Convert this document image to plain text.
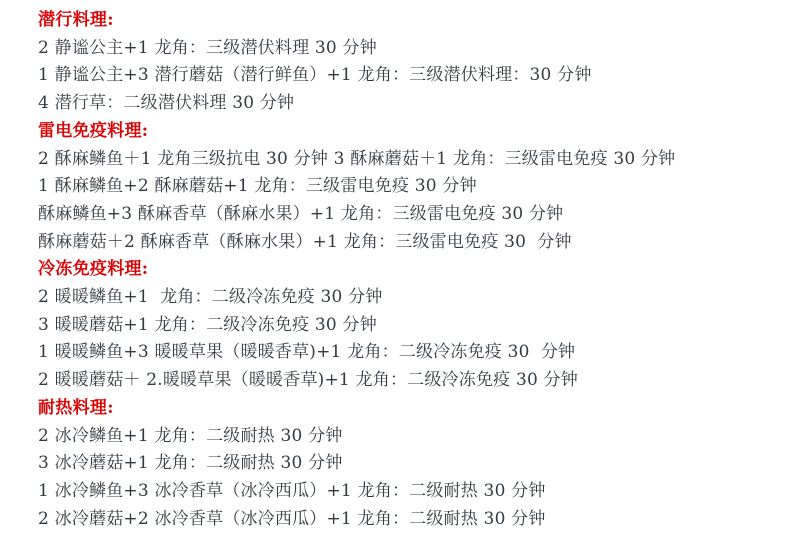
潜行料理:

2 静谧公主+1 龙角：三级潜伏料理 30 分钟

1 静谧公主+3 潜行蘑菇（潜行鲜鱼）+1 龙角：三级潜伏料理：30 分钟

4 潜行草：二级潜伏料理 30 分钟

雷电免疫料理:

2 酥麻鳞鱼＋1 龙角三级抗电 30 分钟 3 酥麻蘑菇＋1 龙角：三级雷电免疫 30 分钟

1 酥麻鳞鱼+2 酥麻蘑菇+1 龙角：三级雷电免疫 30 分钟

酥麻鳞鱼+3 酥麻香草（酥麻水果）+1 龙角：三级雷电免疫 30 分钟

酥麻蘑菇＋2 酥麻香草（酥麻水果）+1 龙角：三级雷电免疫 30  分钟

冷冻免疫料理:

2 暖暖鳞鱼+1  龙角：二级冷冻免疫 30 分钟

3 暖暖蘑菇+1 龙角：二级冷冻免疫 30 分钟

1 暖暖鳞鱼+3 暖暖草果（暖暖香草)+1 龙角：二级冷冻免疫 30  分钟

2 暖暖蘑菇＋ 2.暖暖草果（暖暖香草)+1 龙角：二级冷冻免疫 30 分钟

耐热料理:

2 冰冷鳞鱼+1 龙角：二级耐热 30 分钟

3 冰冷蘑菇+1 龙角：二级耐热 30 分钟

1 冰冷鳞鱼+3 冰冷香草（冰冷西瓜）+1 龙角：二级耐热 30 分钟

2 冰冷蘑菇+2 冰冷香草（冰冷西瓜）+1 龙角：二级耐热 30 分钟
